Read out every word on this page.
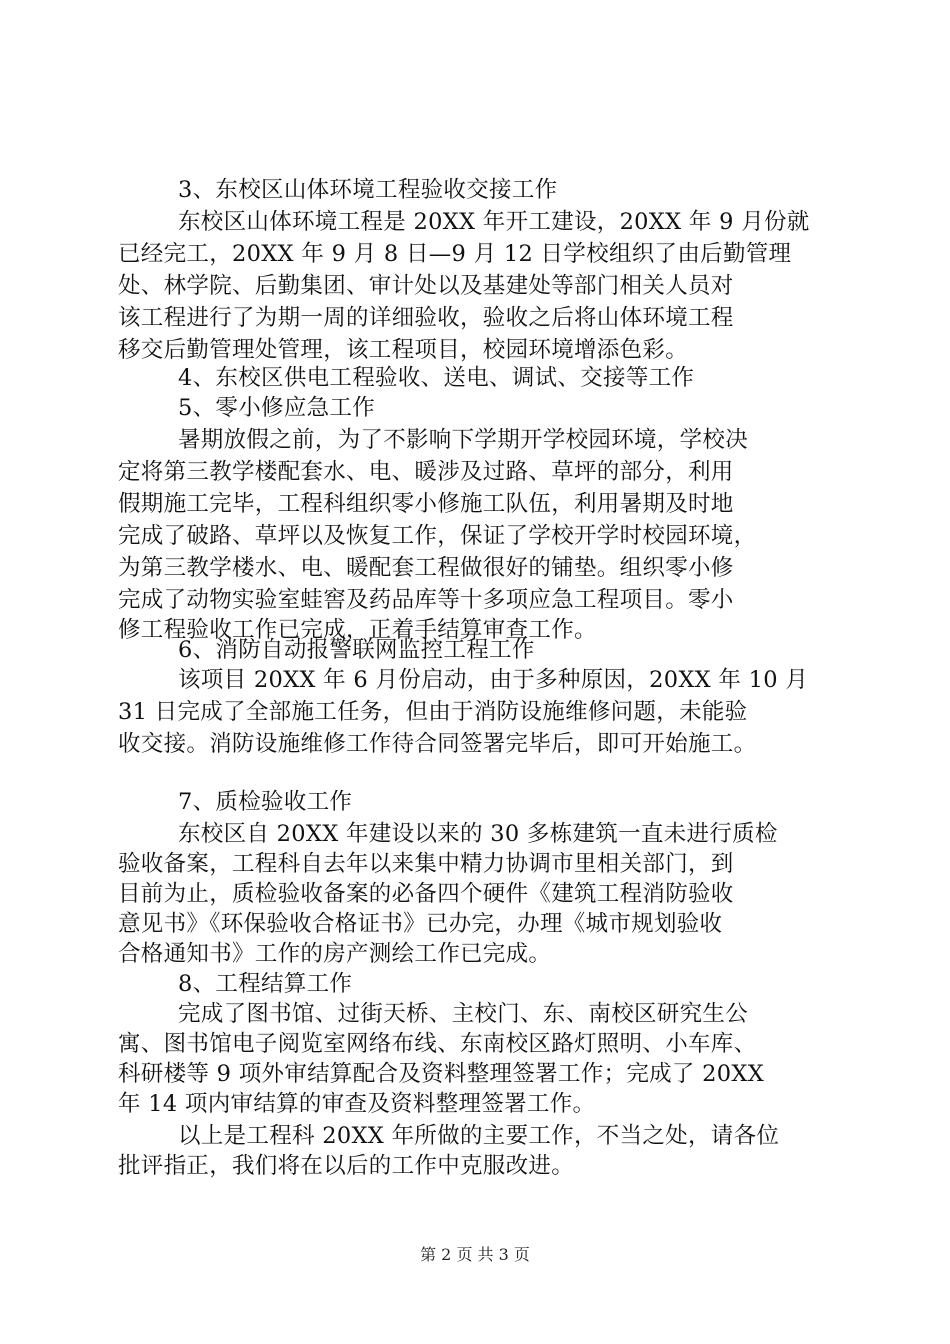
3、东校区山体环境工程验收交接工作
东校区山体环境工程是 20XX 年开工建设，20XX 年 9 月份就
已经完工，20XX 年 9 月 8 日—9 月 12 日学校组织了由后勤管理
处、林学院、后勤集团、审计处以及基建处等部门相关人员对
该工程进行了为期一周的详细验收，验收之后将山体环境工程
移交后勤管理处管理，该工程项目，校园环境增添色彩。
4、东校区供电工程验收、送电、调试、交接等工作
5、零小修应急工作
暑期放假之前，为了不影响下学期开学校园环境，学校决
定将第三教学楼配套水、电、暖涉及过路、草坪的部分，利用
假期施工完毕，工程科组织零小修施工队伍，利用暑期及时地
完成了破路、草坪以及恢复工作，保证了学校开学时校园环境，
为第三教学楼水、电、暖配套工程做很好的铺垫。组织零小修
完成了动物实验室蛙窖及药品库等十多项应急工程项目。零小
修工程验收工作已完成，正着手结算审查工作。
6、消防自动报警联网监控工程工作
该项目 20XX 年 6 月份启动，由于多种原因，20XX 年 10 月
31 日完成了全部施工任务，但由于消防设施维修问题，未能验
收交接。消防设施维修工作待合同签署完毕后，即可开始施工。
7、质检验收工作
东校区自 20XX 年建设以来的 30 多栋建筑一直未进行质检
验收备案，工程科自去年以来集中精力协调市里相关部门，到
目前为止，质检验收备案的必备四个硬件《建筑工程消防验收
意见书》《环保验收合格证书》已办完，办理《城市规划验收
合格通知书》工作的房产测绘工作已完成。
8、工程结算工作
完成了图书馆、过街天桥、主校门、东、南校区研究生公
寓、图书馆电子阅览室网络布线、东南校区路灯照明、小车库、
科研楼等 9 项外审结算配合及资料整理签署工作；完成了 20XX
年 14 项内审结算的审查及资料整理签署工作。
以上是工程科 20XX 年所做的主要工作，不当之处，请各位
批评指正，我们将在以后的工作中克服改进。
第 2 页 共 3 页
